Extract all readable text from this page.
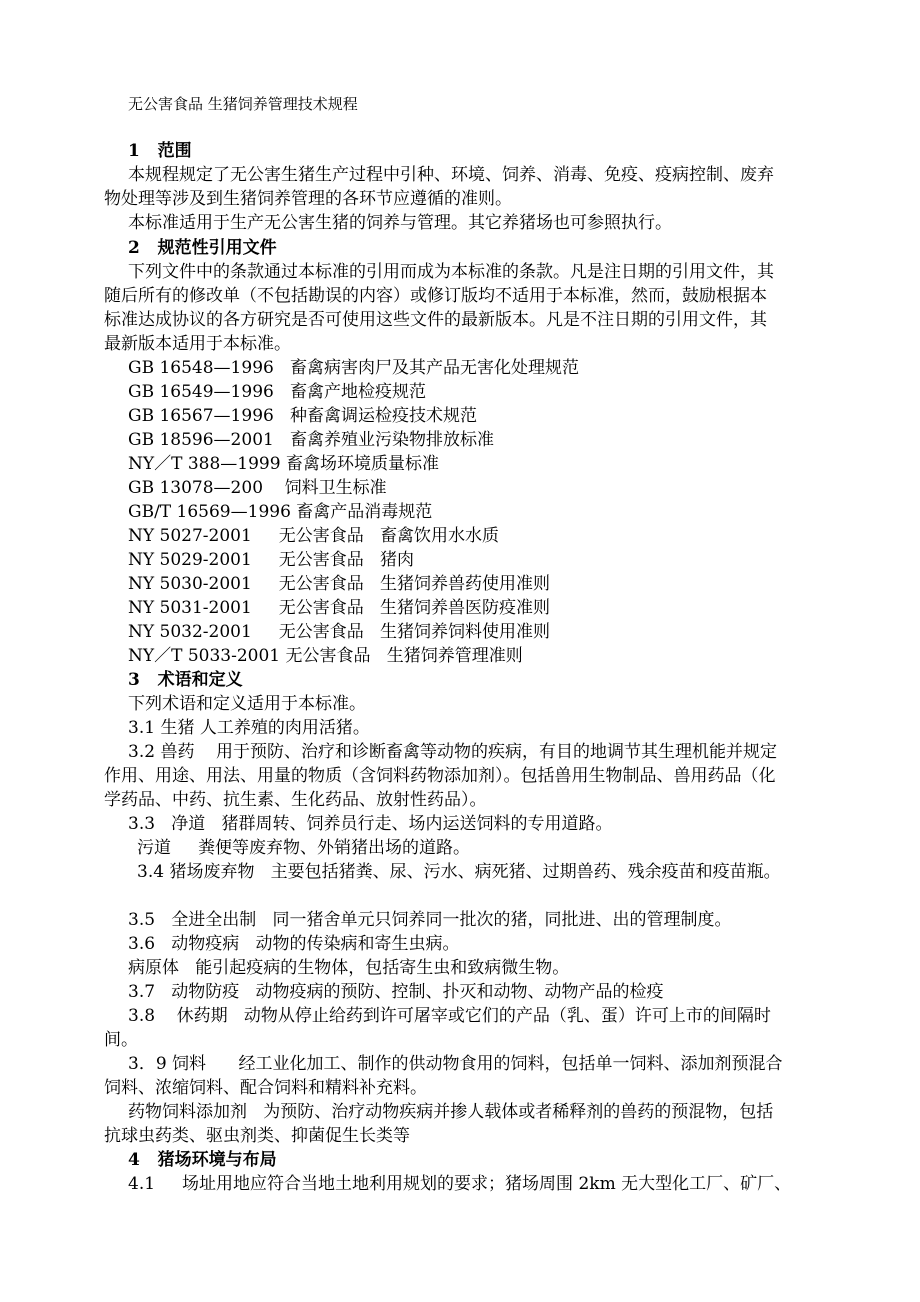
无公害食品 生猪饲养管理技术规程
1   范围
本规程规定了无公害生猪生产过程中引种、环境、饲养、消毒、免疫、疫病控制、废弃
物处理等涉及到生猪饲养管理的各环节应遵循的准则。
本标准适用于生产无公害生猪的饲养与管理。其它养猪场也可参照执行。
2   规范性引用文件
下列文件中的条款通过本标准的引用而成为本标准的条款。凡是注日期的引用文件，其
随后所有的修改单（不包括勘误的内容）或修订版均不适用于本标准，然而，鼓励根据本
标准达成协议的各方研究是否可使用这些文件的最新版本。凡是不注日期的引用文件，其
最新版本适用于本标准。
GB 16548—1996   畜禽病害肉尸及其产品无害化处理规范
GB 16549—1996   畜禽产地检疫规范
GB 16567—1996   种畜禽调运检疫技术规范
GB 18596—2001   畜禽养殖业污染物排放标准
NY／T 388—1999 畜禽场环境质量标准
GB 13078—200    饲料卫生标准
GB/T 16569—1996 畜禽产品消毒规范
NY 5027-2001     无公害食品   畜禽饮用水水质
NY 5029-2001     无公害食品   猪肉
NY 5030-2001     无公害食品   生猪饲养兽药使用准则
NY 5031-2001     无公害食品   生猪饲养兽医防疫准则
NY 5032-2001     无公害食品   生猪饲养饲料使用准则
NY／T 5033-2001 无公害食品   生猪饲养管理准则
3   术语和定义
下列术语和定义适用于本标准。
3.1 生猪 人工养殖的肉用活猪。
3.2 兽药    用于预防、治疗和诊断畜禽等动物的疾病，有目的地调节其生理机能并规定
作用、用途、用法、用量的物质（含饲料药物添加剂）。包括兽用生物制品、兽用药品（化
学药品、中药、抗生素、生化药品、放射性药品）。
3.3   净道   猪群周转、饲养员行走、场内运送饲料的专用道路。
污道     粪便等废弃物、外销猪出场的道路。
3.4 猪场废弃物   主要包括猪粪、尿、污水、病死猪、过期兽药、残余疫苗和疫苗瓶。
3.5   全进全出制   同一猪舍单元只饲养同一批次的猪，同批进、出的管理制度。
3.6   动物疫病   动物的传染病和寄生虫病。
病原体   能引起疫病的生物体，包括寄生虫和致病微生物。
3.7   动物防疫   动物疫病的预防、控制、扑灭和动物、动物产品的检疫
3.8    休药期   动物从停止给药到许可屠宰或它们的产品（乳、蛋）许可上市的间隔时
间。
3．9 饲料      经工业化加工、制作的供动物食用的饲料，包括单一饲料、添加剂预混合
饲料、浓缩饲料、配合饲料和精料补充料。
药物饲料添加剂   为预防、治疗动物疾病并掺人载体或者稀释剂的兽药的预混物，包括
抗球虫药类、驱虫剂类、抑菌促生长类等
4   猪场环境与布局
4.1     场址用地应符合当地土地利用规划的要求；猪场周围 2km 无大型化工厂、矿厂、
